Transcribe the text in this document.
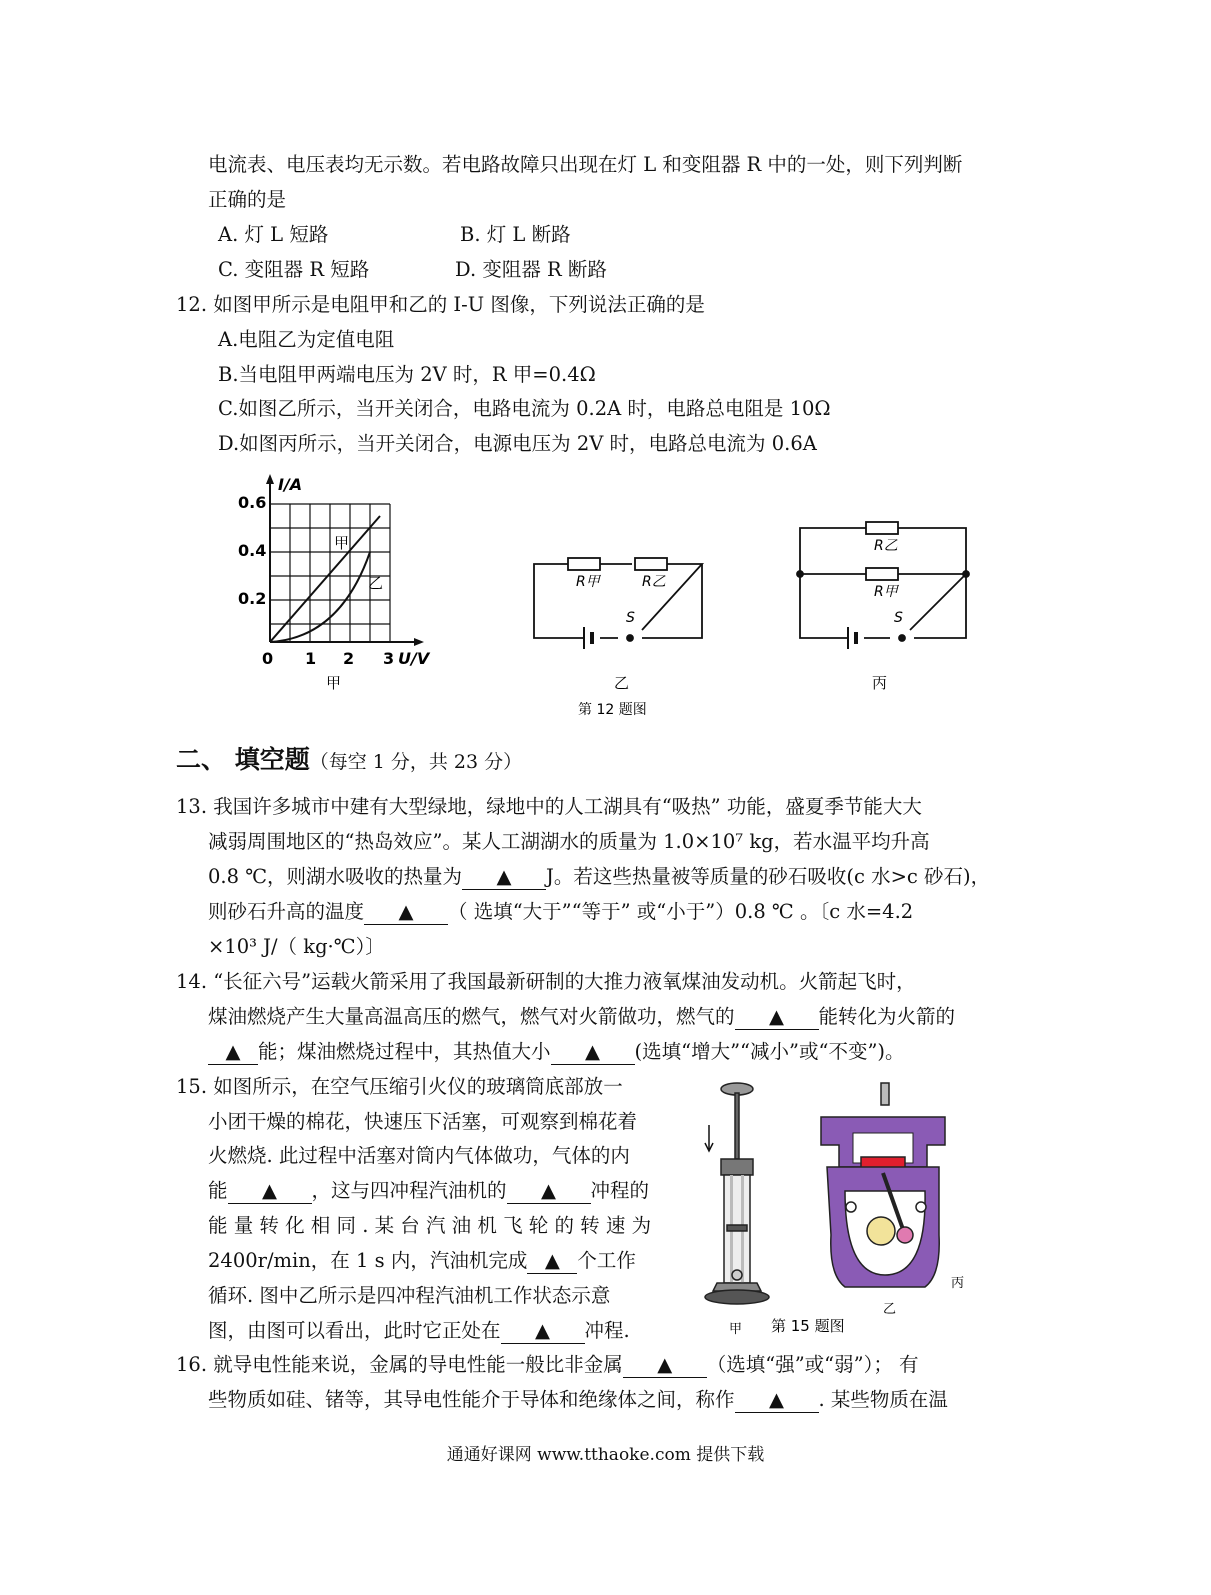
电流表、电压表均无示数。若电路故障只出现在灯 L 和变阻器 R 中的一处，则下列判断
正确的是
A. 灯 L 短路	B. 灯 L 断路
C. 变阻器 R 短路	D. 变阻器 R 断路
12. 如图甲所示是电阻甲和乙的 I-U 图像，下列说法正确的是
A.电阻乙为定值电阻
B.当电阻甲两端电压为 2V 时，R 甲=0.4Ω
C.如图乙所示，当开关闭合，电路电流为 0.2A 时，电路总电阻是 10Ω
D.如图丙所示，当开关闭合，电源电压为 2V 时，电路总电流为 0.6A
I/A
0.6
0.4
0.2
0 1 2 3 U/V
甲
乙
甲
R甲	R乙
S
乙
R乙
R甲
S
丙
第 12 题图
二、 填空题（每空 1 分，共 23 分）
13. 我国许多城市中建有大型绿地，绿地中的人工湖具有“吸热” 功能，盛夏季节能大大
减弱周围地区的“热岛效应”。某人工湖湖水的质量为 1.0×10⁷ kg，若水温平均升高
0.8 ℃，则湖水吸收的热量为 ▲ J。若这些热量被等质量的砂石吸收(c 水>c 砂石)，
则砂石升高的温度 ▲ （ 选填“大于”“等于” 或“小于”）0.8 ℃ 。〔c 水=4.2
×10³ J/（ kg·℃）〕
14. “长征六号”运载火箭采用了我国最新研制的大推力液氧煤油发动机。火箭起飞时，
煤油燃烧产生大量高温高压的燃气，燃气对火箭做功，燃气的 ▲ 能转化为火箭的
▲ 能；煤油燃烧过程中，其热值大小 ▲ (选填“增大”“减小”或“不变”)。
15. 如图所示，在空气压缩引火仪的玻璃筒底部放一
小团干燥的棉花，快速压下活塞，可观察到棉花着
火燃烧. 此过程中活塞对筒内气体做功，气体的内
能 ▲ ，这与四冲程汽油机的 ▲ 冲程的
能 量 转 化 相 同 . 某 台 汽 油 机 飞 轮 的 转 速 为
2400r/min，在 1 s 内，汽油机完成 ▲ 个工作
循环. 图中乙所示是四冲程汽油机工作状态示意
图，由图可以看出，此时它正处在 ▲ 冲程.	甲
乙
丙
第 15 题图
16. 就导电性能来说，金属的导电性能一般比非金属 ▲ （选填“强”或“弱”）； 有
些物质如硅、锗等，其导电性能介于导体和绝缘体之间，称作 ▲ . 某些物质在温
通通好课网 www.tthaoke.com 提供下载
